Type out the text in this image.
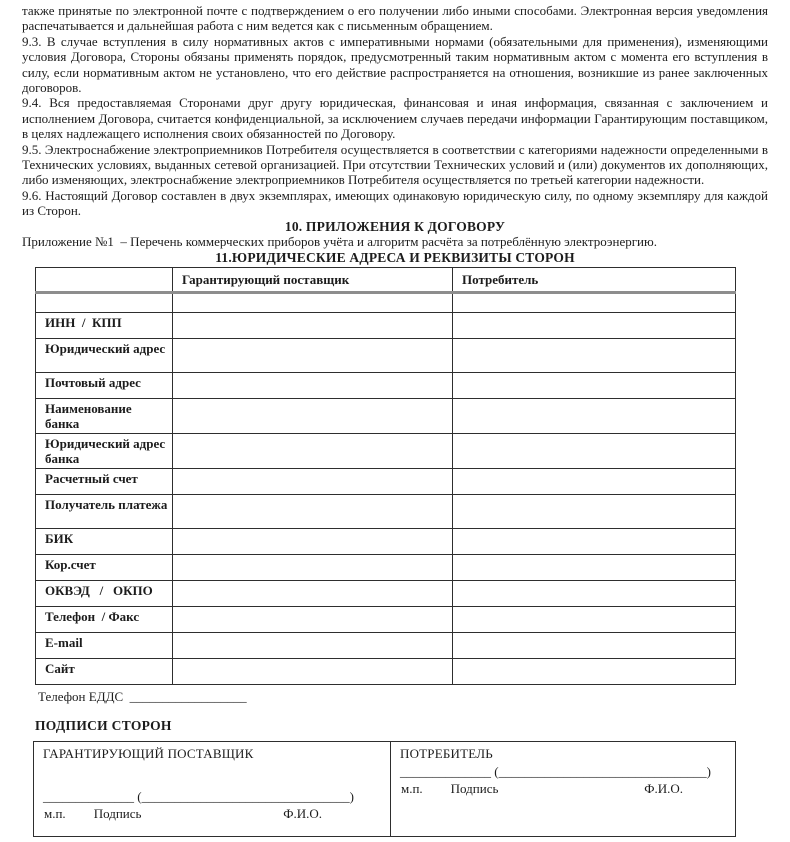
также принятые по электронной почте с подтверждением о его получении либо иными способами. Электронная версия уведомления распечатывается и дальнейшая работа с ним ведется как с письменным обращением.

9.3. В случае вступления в силу нормативных актов с императивными нормами (обязательными для применения), изменяющими условия Договора, Стороны обязаны применять порядок, предусмотренный таким нормативным актом с момента его вступления в силу, если нормативным актом не установлено, что его действие распространяется на отношения, возникшие из ранее заключенных договоров.

9.4. Вся предоставляемая Сторонами друг другу юридическая, финансовая и иная информация, связанная с заключением и исполнением Договора, считается конфиденциальной, за исключением случаев передачи информации Гарантирующим поставщиком, в целях надлежащего исполнения своих обязанностей по Договору.

9.5. Электроснабжение электроприемников Потребителя осуществляется в соответствии с категориями надежности определенными в Технических условиях, выданных сетевой организацией. При отсутствии Технических условий и (или) документов их дополняющих, либо изменяющих, электроснабжение электроприемников Потребителя осуществляется по третьей категории надежности.

9.6. Настоящий Договор составлен в двух экземплярах, имеющих одинаковую юридическую силу, по одному экземпляру для каждой из Сторон.

10. ПРИЛОЖЕНИЯ К ДОГОВОРУ
Приложение №1  – Перечень коммерческих приборов учёта и алгоритм расчёта за потреблённую электроэнергию.
11.ЮРИДИЧЕСКИЕ АДРЕСА И РЕКВИЗИТЫ СТОРОН
	Гарантирующий поставщик	Потребитель

ИНН  /  КПП		
Юридический адрес		
Почтовый адрес		
Наименование банка		
Юридический адрес банка		
Расчетный счет		
Получатель платежа		
БИК		
Кор.счет		
ОКВЭД   /   ОКПО		
Телефон  / Факс		
E-mail		
Сайт		
Телефон ЕДДС __________________
ПОДПИСИ СТОРОН
ГАРАНТИРУЮЩИЙ ПОСТАВЩИК
______________ (________________________________)
м.п. Подпись	Ф.И.О.
ПОТРЕБИТЕЛЬ
______________ (________________________________)
м.п. Подпись	Ф.И.О.
